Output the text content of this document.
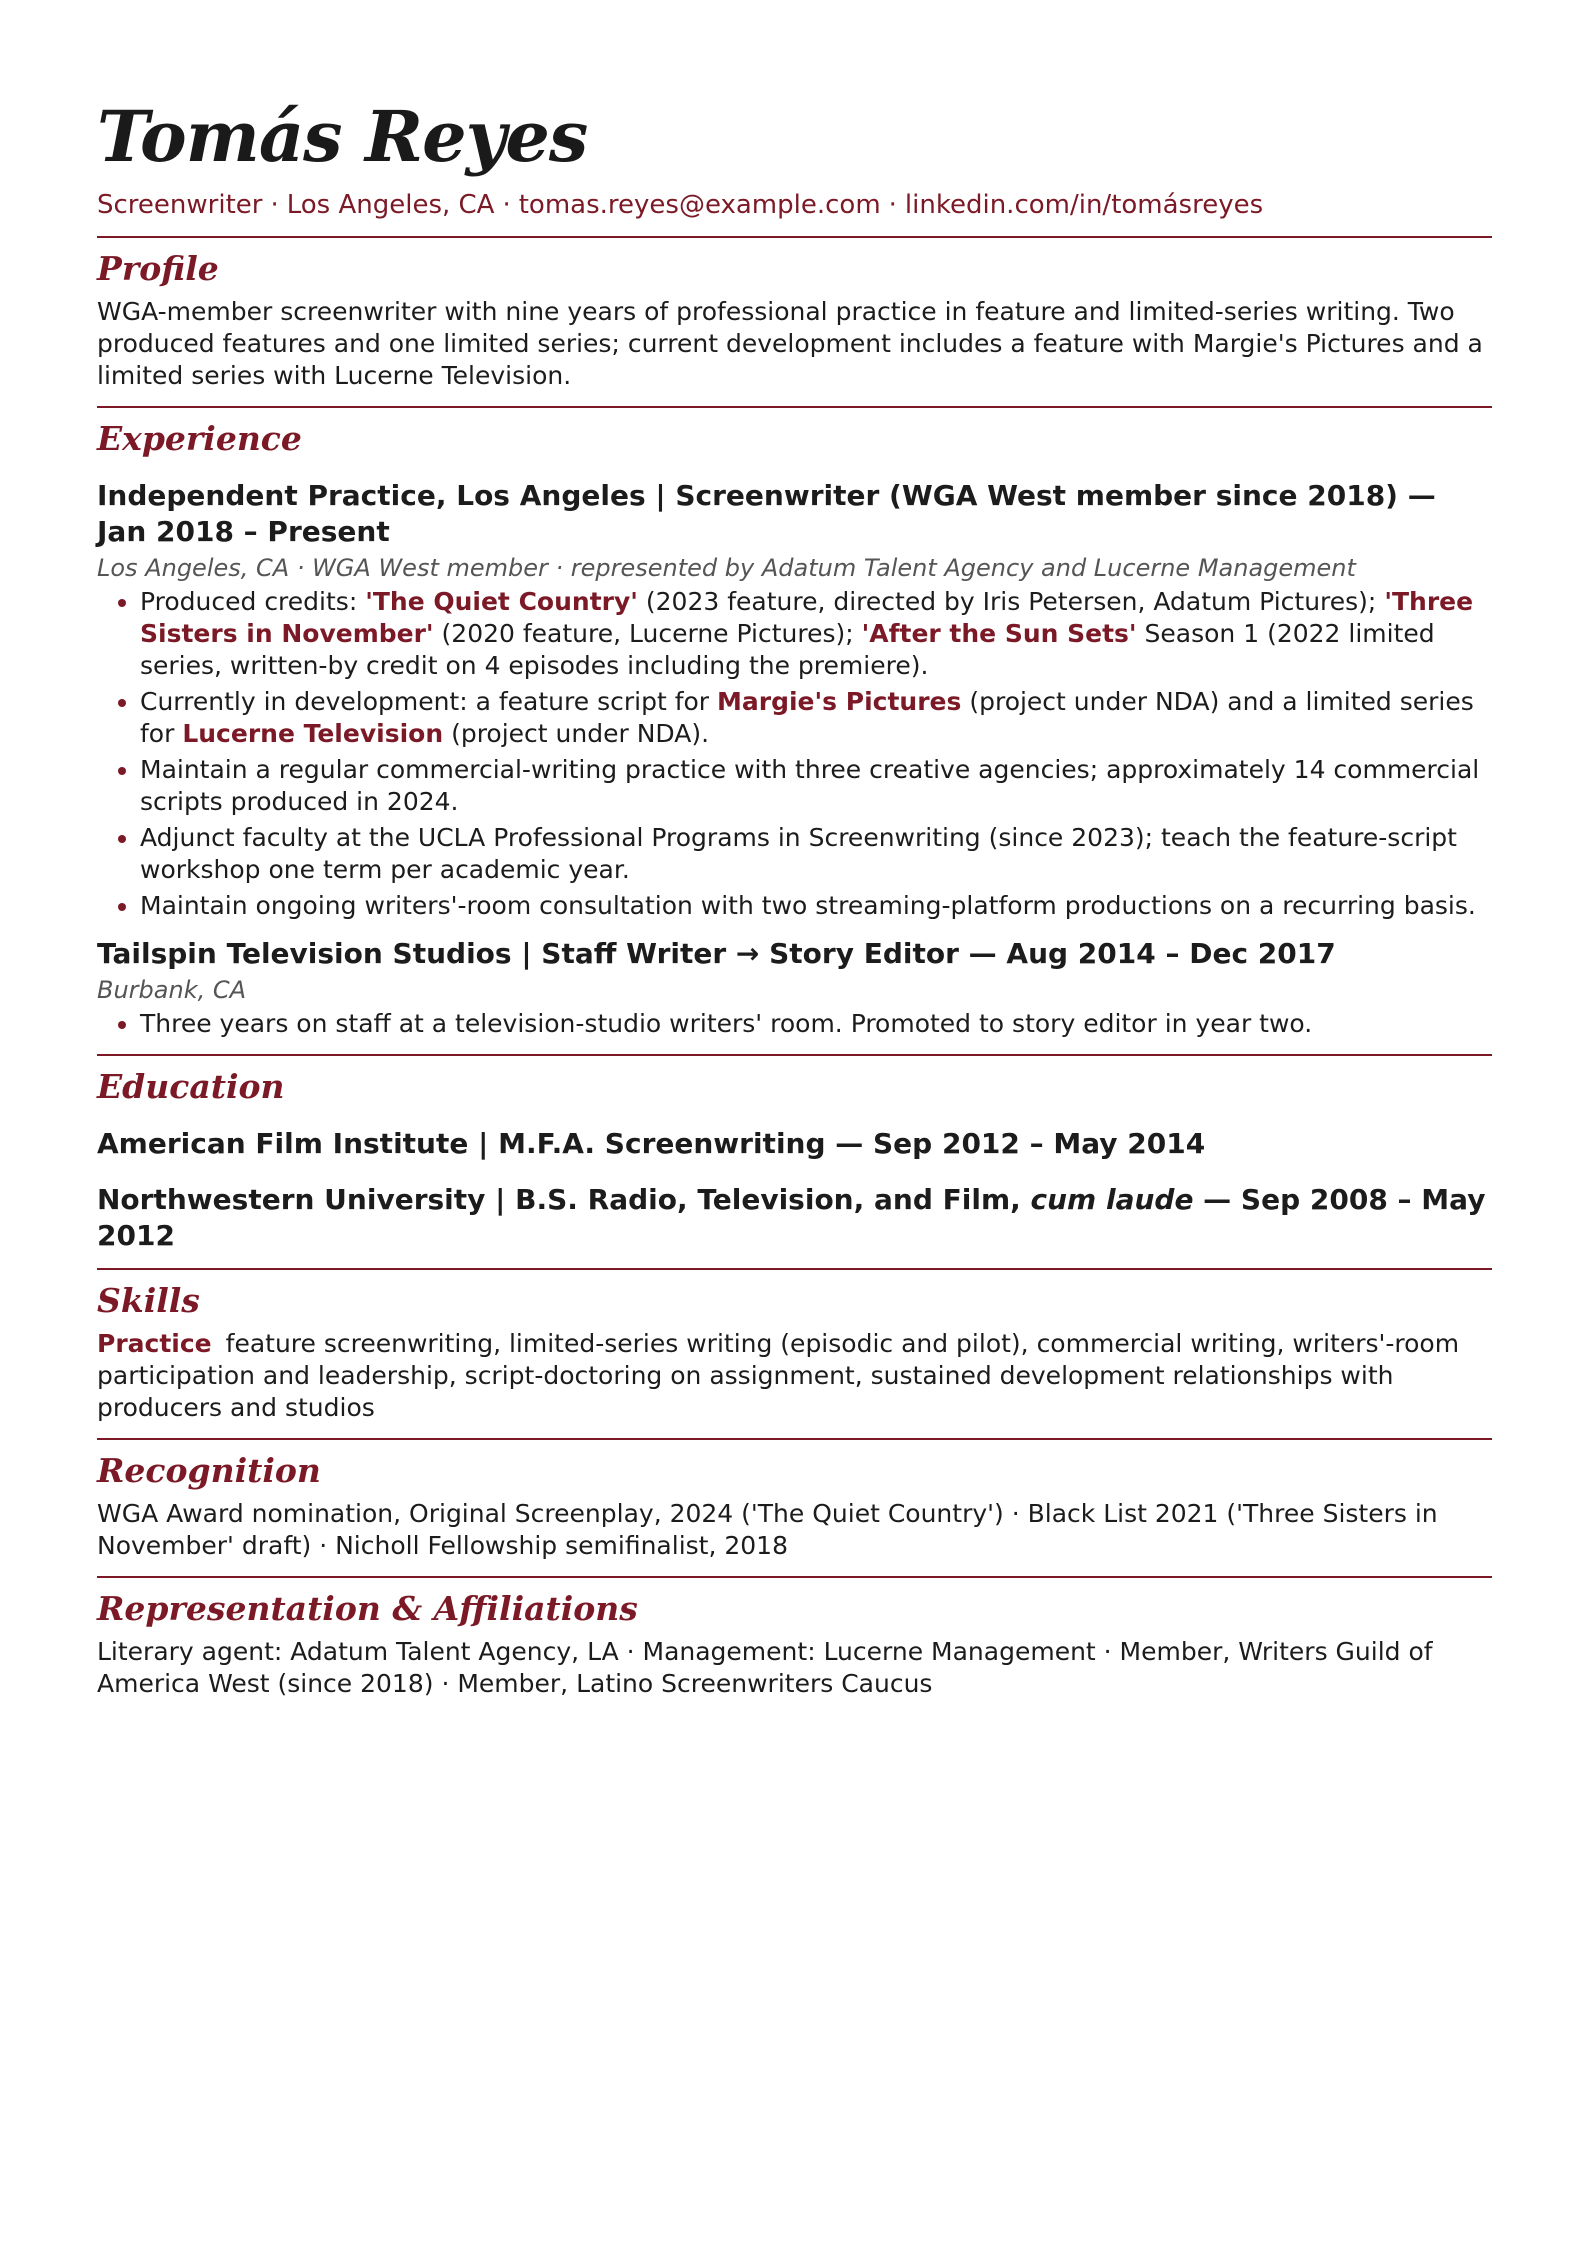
Tomás Reyes
Screenwriter · Los Angeles, CA · tomas.reyes@example.com · linkedin.com/in/tomásreyes
Profile

WGA-member screenwriter with nine years of professional practice in feature and limited-series writing. Two produced features and one limited series; current development includes a feature with Margie's Pictures and a limited series with Lucerne Television.

Experience
Independent Practice, Los Angeles | Screenwriter (WGA West member since 2018) — Jan 2018 – Present
Los Angeles, CA · WGA West member · represented by Adatum Talent Agency and Lucerne Management
• Produced credits: 'The Quiet Country' (2023 feature, directed by Iris Petersen, Adatum Pictures); 'Three Sisters in November' (2020 feature, Lucerne Pictures); 'After the Sun Sets' Season 1 (2022 limited series, written-by credit on 4 episodes including the premiere).
• Currently in development: a feature script for Margie's Pictures (project under NDA) and a limited series for Lucerne Television (project under NDA).
• Maintain a regular commercial-writing practice with three creative agencies; approximately 14 commercial scripts produced in 2024.
• Adjunct faculty at the UCLA Professional Programs in Screenwriting (since 2023); teach the feature-script workshop one term per academic year.
• Maintain ongoing writers'-room consultation with two streaming-platform productions on a recurring basis.
Tailspin Television Studios | Staff Writer → Story Editor — Aug 2014 – Dec 2017
Burbank, CA
• Three years on staff at a television-studio writers' room. Promoted to story editor in year two.
Education
American Film Institute | M.F.A. Screenwriting — Sep 2012 – May 2014
Northwestern University | B.S. Radio, Television, and Film, cum laude — Sep 2008 – May 2012
Skills

Practice feature screenwriting, limited-series writing (episodic and pilot), commercial writing, writers'-room participation and leadership, script-doctoring on assignment, sustained development relationships with producers and studios

Recognition

WGA Award nomination, Original Screenplay, 2024 ('The Quiet Country') · Black List 2021 ('Three Sisters in November' draft) · Nicholl Fellowship semifinalist, 2018

Representation & Affiliations

Literary agent: Adatum Talent Agency, LA · Management: Lucerne Management · Member, Writers Guild of America West (since 2018) · Member, Latino Screenwriters Caucus
